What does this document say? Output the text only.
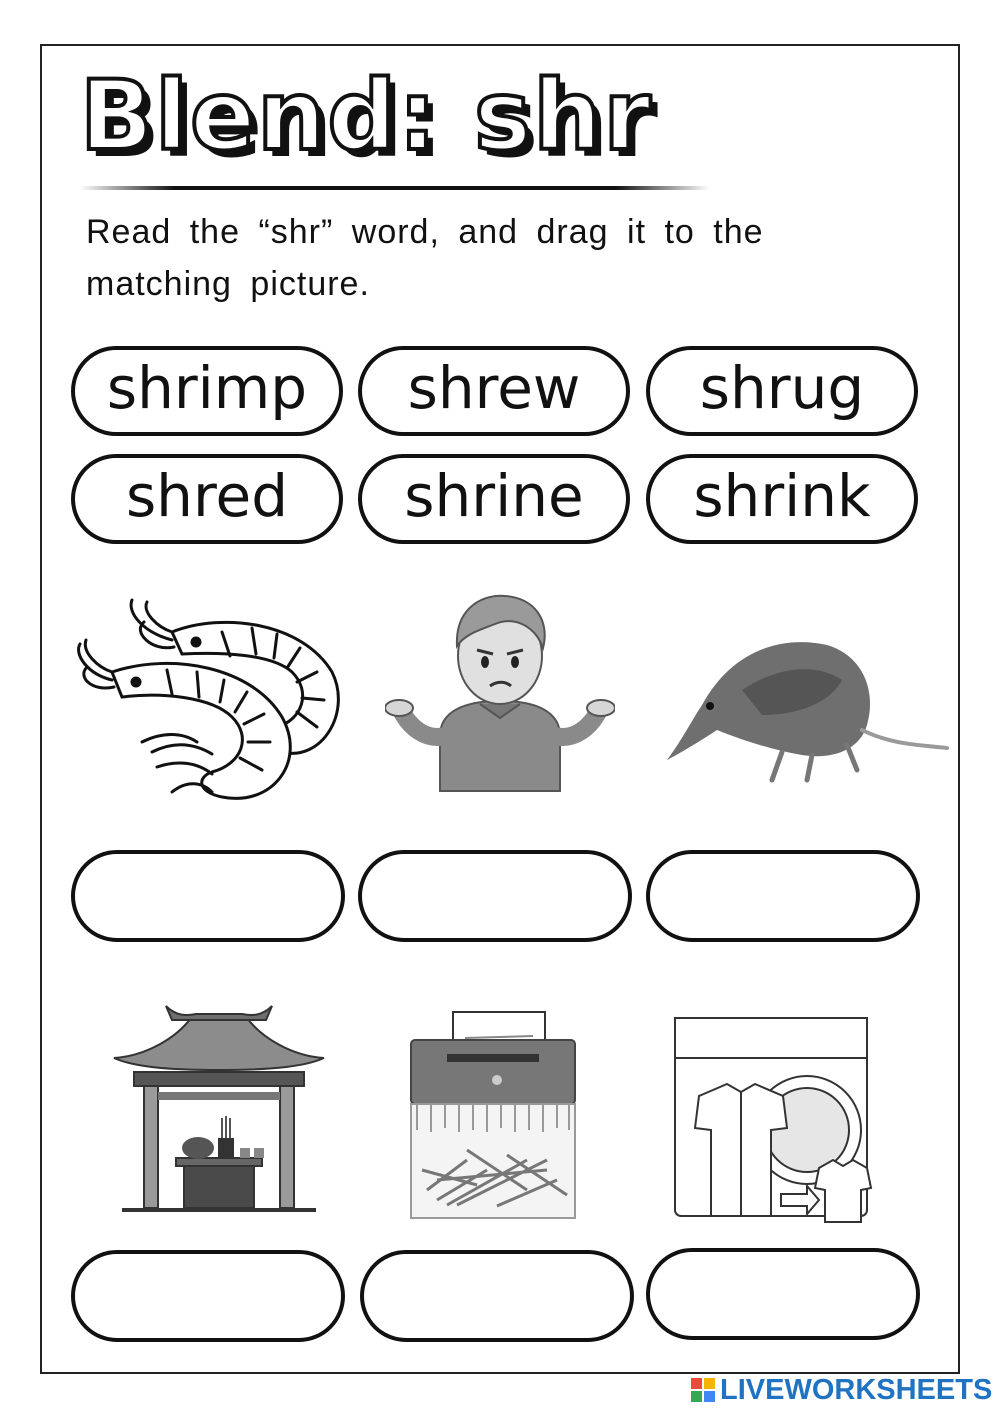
Blend: shr
Read the “shr” word, and drag it to the matching picture.
shrimp shrew shrug
shred shrine shrink
LIVEWORKSHEETS
